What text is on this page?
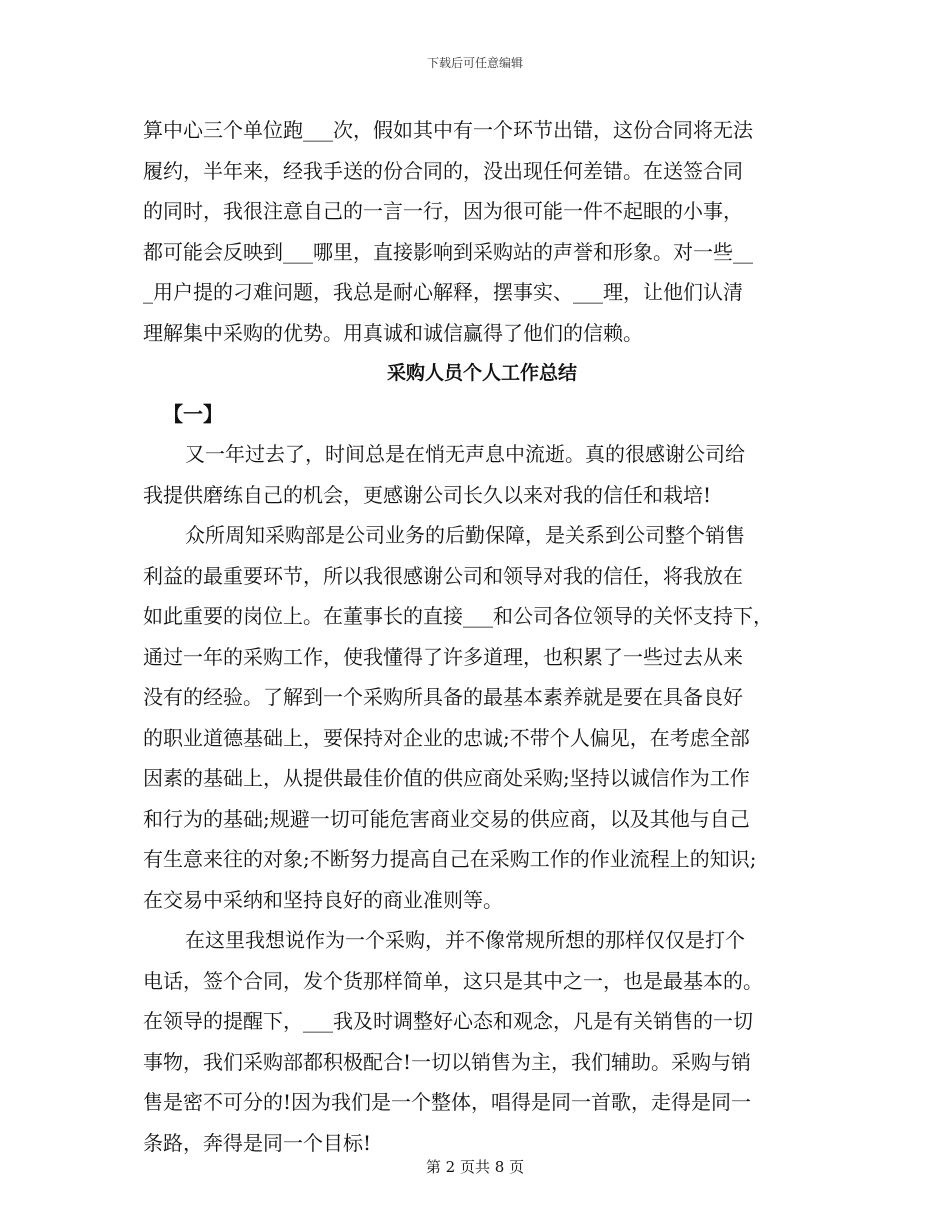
下载后可任意编辑
算中心三个单位跑___次，假如其中有一个环节出错，这份合同将无法
履约，半年来，经我手送的份合同的，没出现任何差错。在送签合同
的同时，我很注意自己的一言一行，因为很可能一件不起眼的小事，
都可能会反映到___哪里，直接影响到采购站的声誉和形象。对一些__
_用户提的刁难问题，我总是耐心解释，摆事实、___理，让他们认清
理解集中采购的优势。用真诚和诚信赢得了他们的信赖。
采购人员个人工作总结
【一】
又一年过去了，时间总是在悄无声息中流逝。真的很感谢公司给
我提供磨练自己的机会，更感谢公司长久以来对我的信任和栽培!
众所周知采购部是公司业务的后勤保障，是关系到公司整个销售
利益的最重要环节，所以我很感谢公司和领导对我的信任，将我放在
如此重要的岗位上。在董事长的直接___和公司各位领导的关怀支持下，
通过一年的采购工作，使我懂得了许多道理，也积累了一些过去从来
没有的经验。了解到一个采购所具备的最基本素养就是要在具备良好
的职业道德基础上，要保持对企业的忠诚;不带个人偏见，在考虑全部
因素的基础上，从提供最佳价值的供应商处采购;坚持以诚信作为工作
和行为的基础;规避一切可能危害商业交易的供应商，以及其他与自己
有生意来往的对象;不断努力提高自己在采购工作的作业流程上的知识;
在交易中采纳和坚持良好的商业准则等。
在这里我想说作为一个采购，并不像常规所想的那样仅仅是打个
电话，签个合同，发个货那样简单，这只是其中之一，也是最基本的。
在领导的提醒下，___我及时调整好心态和观念，凡是有关销售的一切
事物，我们采购部都积极配合!一切以销售为主，我们辅助。采购与销
售是密不可分的!因为我们是一个整体，唱得是同一首歌，走得是同一
条路，奔得是同一个目标!
第 2 页共 8 页
